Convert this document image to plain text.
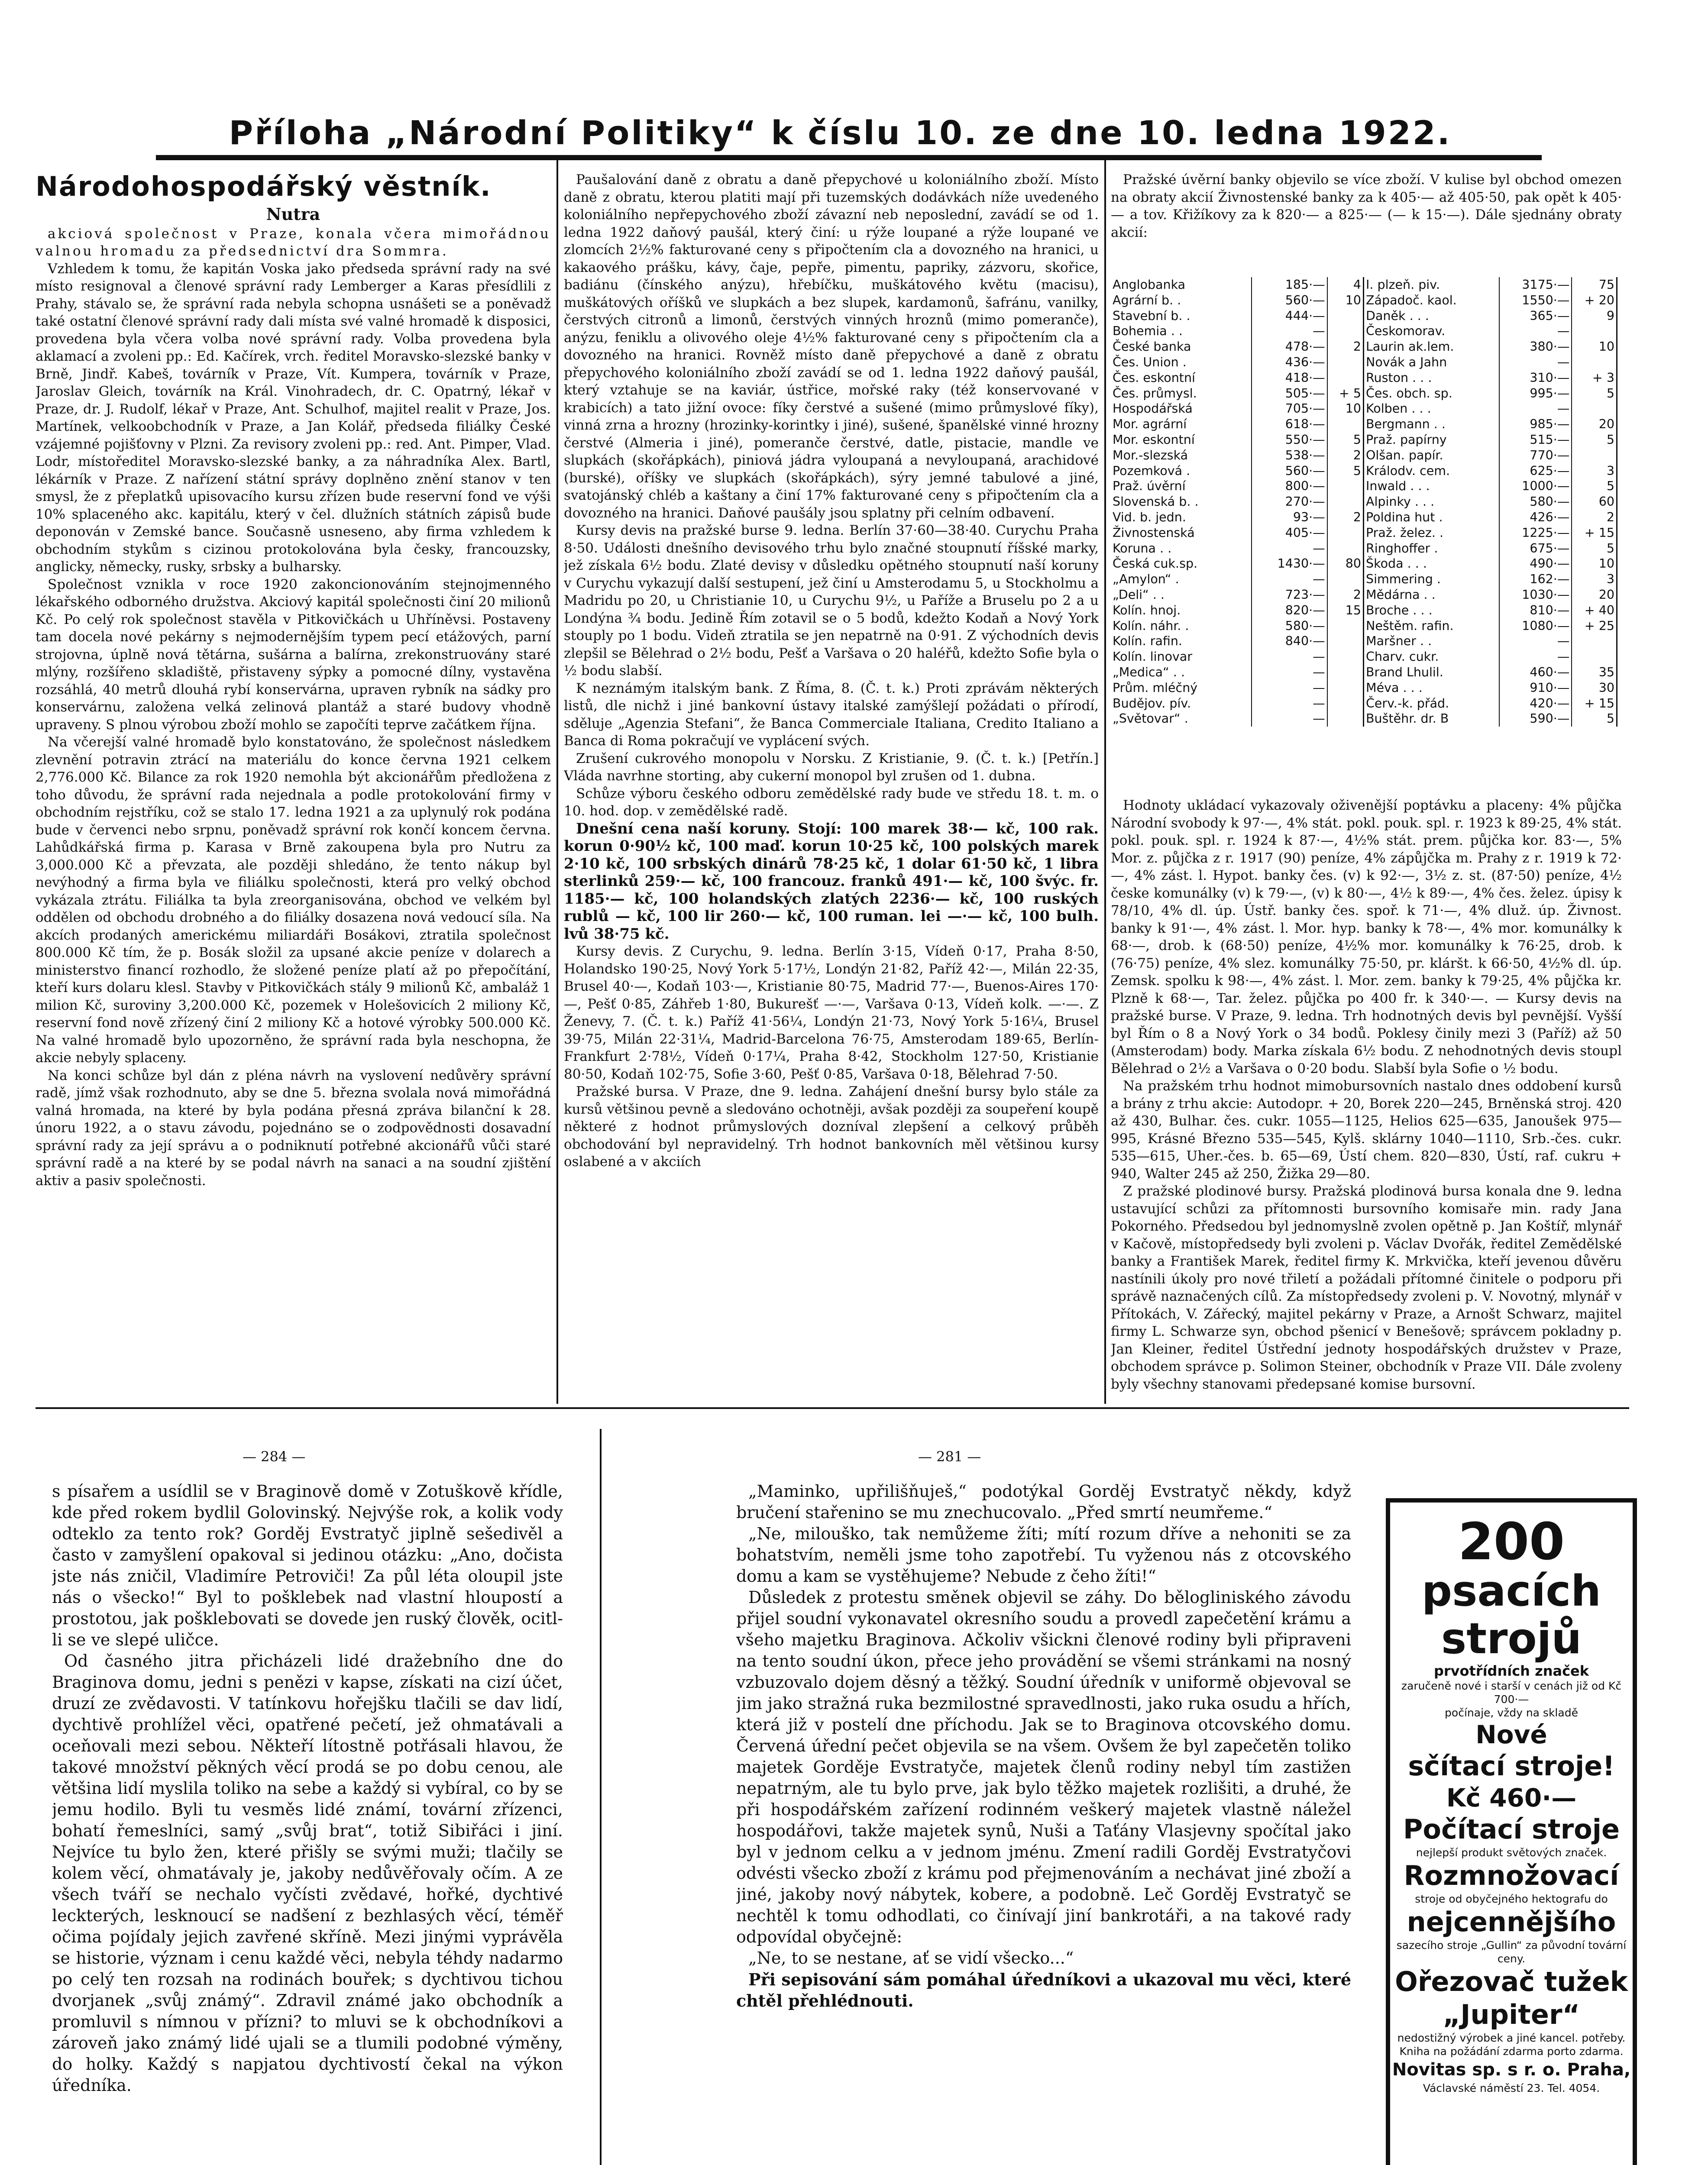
Příloha „Národní Politiky“ k číslu 10. ze dne 10. ledna 1922.
Národohospodářský věstník.
Nutra

akciová společnost v Praze, konala včera mimořádnou valnou hromadu za předsednictví dra Sommra.

Vzhledem k tomu, že kapitán Voska jako předseda správní rady na své místo resignoval a členové správní rady Lemberger a Karas přesídlili z Prahy, stávalo se, že správní rada nebyla schopna usnášeti se a poněvadž také ostatní členové správní rady dali místa své valné hromadě k disposici, provedena byla včera volba nové správní rady. Volba provedena byla aklamací a zvoleni pp.: Ed. Kačírek, vrch. ředitel Moravsko-slezské banky v Brně, Jindř. Kabeš, továrník v Praze, Vít. Kumpera, továrník v Praze, Jaroslav Gleich, továrník na Král. Vinohradech, dr. C. Opatrný, lékař v Praze, dr. J. Rudolf, lékař v Praze, Ant. Schulhof, majitel realit v Praze, Jos. Martínek, velkoobchodník v Praze, a Jan Kolář, předseda filiálky České vzájemné pojišťovny v Plzni. Za revisory zvoleni pp.: red. Ant. Pimper, Vlad. Lodr, místoředitel Moravsko-slezské banky, a za náhradníka Alex. Bartl, lékárník v Praze. Z nařízení státní správy doplněno znění stanov v ten smysl, že z přeplatků upisovacího kursu zřízen bude reservní fond ve výši 10% splaceného akc. kapitálu, který v čel. dlužních státních zápisů bude deponován v Zemské bance. Současně usneseno, aby firma vzhledem k obchodním stykům s cizinou protokolována byla česky, francouzsky, anglicky, německy, rusky, srbsky a bulharsky.

Společnost vznikla v roce 1920 zakoncionováním stejnojmenného lékařského odborného družstva. Akciový kapitál společnosti činí 20 milionů Kč. Po celý rok společnost stavěla v Pitkovičkách u Uhříněvsi. Postaveny tam docela nové pekárny s nejmodernějším typem pecí etážových, parní strojovna, úplně nová tětárna, sušárna a balírna, zrekonstruovány staré mlýny, rozšířeno skladiště, přistaveny sýpky a pomocné dílny, vystavěna rozsáhlá, 40 metrů dlouhá rybí konservárna, upraven rybník na sádky pro konservárnu, založena velká zelinová plantáž a staré budovy vhodně upraveny. S plnou výrobou zboží mohlo se započíti teprve začátkem října.

Na včerejší valné hromadě bylo konstatováno, že společnost následkem zlevnění potravin ztrácí na materiálu do konce června 1921 celkem 2,776.000 Kč. Bilance za rok 1920 nemohla být akcionářům předložena z toho důvodu, že správní rada nejednala a podle protokolování firmy v obchodním rejstříku, což se stalo 17. ledna 1921 a za uplynulý rok podána bude v červenci nebo srpnu, poněvadž správní rok končí koncem června. Lahůdkářská firma p. Karasa v Brně zakoupena byla pro Nutru za 3,000.000 Kč a převzata, ale později shledáno, že tento nákup byl nevýhodný a firma byla ve filiálku společnosti, která pro velký obchod vykázala ztrátu. Filiálka ta byla zreorganisována, obchod ve velkém byl oddělen od obchodu drobného a do filiálky dosazena nová vedoucí síla. Na akcích prodaných americkému miliardáři Bosákovi, ztratila společnost 800.000 Kč tím, že p. Bosák složil za upsané akcie peníze v dolarech a ministerstvo financí rozhodlo, že složené peníze platí až po přepočítání, kteří kurs dolaru klesl. Stavby v Pitkovičkách stály 9 milionů Kč, ambaláž 1 milion Kč, suroviny 3,200.000 Kč, pozemek v Holešovicích 2 miliony Kč, reservní fond nově zřízený činí 2 miliony Kč a hotové výrobky 500.000 Kč. Na valné hromadě bylo upozorněno, že správní rada byla neschopna, že akcie nebyly splaceny.

Na konci schůze byl dán z pléna návrh na vyslovení nedůvěry správní radě, jímž však rozhodnuto, aby se dne 5. března svolala nová mimořádná valná hromada, na které by byla podána přesná zpráva bilanční k 28. únoru 1922, a o stavu závodu, pojednáno se o zodpovědnosti dosavadní správní rady za její správu a o podniknutí potřebné akcionářů vůči staré správní radě a na které by se podal návrh na sanaci a na soudní zjištění aktiv a pasiv společnosti.

Paušalování daně z obratu a daně přepychové u koloniálního zboží. Místo daně z obratu, kterou platiti mají při tuzemských dodávkách níže uvedeného koloniálního nepřepychového zboží závazní neb neposlední, zavádí se od 1. ledna 1922 daňový paušál, který činí: u rýže loupané a rýže loupané ve zlomcích 2½% fakturované ceny s připočtením cla a dovozného na hranici, u kakaového prášku, kávy, čaje, pepře, pimentu, papriky, zázvoru, skořice, badiánu (čínského anýzu), hřebíčku, muškátového květu (macisu), muškátových oříšků ve slupkách a bez slupek, kardamonů, šafránu, vanilky, čerstvých citronů a limonů, čerstvých vinných hroznů (mimo pomeranče), anýzu, feniklu a olivového oleje 4½% fakturované ceny s připočtením cla a dovozného na hranici. Rovněž místo daně přepychové a daně z obratu přepychového koloniálního zboží zavádí se od 1. ledna 1922 daňový paušál, který vztahuje se na kaviár, ústřice, mořské raky (též konservované v krabicích) a tato jižní ovoce: fíky čerstvé a sušené (mimo průmyslové fíky), vinná zrna a hrozny (hrozinky-korintky i jiné), sušené, španělské vinné hrozny čerstvé (Almeria i jiné), pomeranče čerstvé, datle, pistacie, mandle ve slupkách (skořápkách), piniová jádra vyloupaná a nevyloupaná, arachidové (burské), oříšky ve slupkách (skořápkách), sýry jemné tabulové a jiné, svatojánský chléb a kaštany a činí 17% fakturované ceny s připočtením cla a dovozného na hranici. Daňové paušály jsou splatny při celním odbavení.

Kursy devis na pražské burse 9. ledna. Berlín 37·60—38·40. Curychu Praha 8·50. Události dnešního devisového trhu bylo značné stoupnutí říšské marky, jež získala 6½ bodu. Zlaté devisy v důsledku opětného stoupnutí naší koruny v Curychu vykazují další sestupení, jež činí u Amsterodamu 5, u Stockholmu a Madridu po 20, u Christianie 10, u Curychu 9½, u Paříže a Bruselu po 2 a u Londýna ¾ bodu. Jedině Řím zotavil se o 5 bodů, kdežto Kodaň a Nový York stouply po 1 bodu. Videň ztratila se jen nepatrně na 0·91. Z východních devis zlepšil se Bělehrad o 2½ bodu, Pešť a Varšava o 20 haléřů, kdežto Sofie byla o ½ bodu slabší.

K neznámým italským bank. Z Říma, 8. (Č. t. k.) Proti zprávám některých listů, dle nichž i jiné bankovní ústavy italské zamýšlejí požádati o přírodí, sděluje „Agenzia Stefani“, že Banca Commerciale Italiana, Credito Italiano a Banca di Roma pokračují ve vyplácení svých.

Zrušení cukrového monopolu v Norsku. Z Kristianie, 9. (Č. t. k.) [Petřín.] Vláda navrhne storting, aby cukerní monopol byl zrušen od 1. dubna.

Schůze výboru českého odboru zemědělské rady bude ve středu 18. t. m. o 10. hod. dop. v zemědělské radě.

Dnešní cena naší koruny. Stojí: 100 marek 38·— kč, 100 rak. korun 0·90½ kč, 100 maď. korun 10·25 kč, 100 polských marek 2·10 kč, 100 srbských dinárů 78·25 kč, 1 dolar 61·50 kč, 1 libra sterlinků 259·— kč, 100 francouz. franků 491·— kč, 100 švýc. fr. 1185·— kč, 100 holandských zlatých 2236·— kč, 100 ruských rublů — kč, 100 lir 260·— kč, 100 ruman. lei —·— kč, 100 bulh. lvů 38·75 kč.

Kursy devis. Z Curychu, 9. ledna. Berlín 3·15, Vídeň 0·17, Praha 8·50, Holandsko 190·25, Nový York 5·17½, Londýn 21·82, Paříž 42·—, Milán 22·35, Brusel 40·—, Kodaň 103·—, Kristianie 80·75, Madrid 77·—, Buenos-Aires 170·—, Pešť 0·85, Záhřeb 1·80, Bukurešť —·—, Varšava 0·13, Vídeň kolk. —·—. Z Ženevy, 7. (Č. t. k.) Paříž 41·56¼, Londýn 21·73, Nový York 5·16¼, Brusel 39·75, Milán 22·31¼, Madrid-Barcelona 76·75, Amsterodam 189·65, Berlín-Frankfurt 2·78½, Vídeň 0·17¼, Praha 8·42, Stockholm 127·50, Kristianie 80·50, Kodaň 102·75, Sofie 3·60, Pešť 0·85, Varšava 0·18, Bělehrad 7·50.

Pražské bursa. V Praze, dne 9. ledna. Zahájení dnešní bursy bylo stále za kursů většinou pevně a sledováno ochotněji, avšak později za soupeření koupě některé z hodnot průmyslových dozníval zlepšení a celkový průběh obchodování byl nepravidelný. Trh hodnot bankovních měl většinou kursy oslabené a v akciích

Pražské úvěrní banky objevilo se více zboží. V kulise byl obchod omezen na obraty akcií Živnostenské banky za k 405·— až 405·50, pak opět k 405·— a tov. Křižíkovy za k 820·— a 825·— (— k 15·—). Dále sjednány obraty akcií:

Anglobanka	185·—	4
Agrární b. .	560·—	10
Stavební b. .	444·—	
Bohemia . .	—	
České banka	478·—	2
Čes. Union .	436·—	
Čes. eskontní	418·—	
Čes. průmysl.	505·—	+ 5
Hospodářská	705·—	10
Mor. agrární	618·—	
Mor. eskontní	550·—	5
Mor.-slezská	538·—	2
Pozemková .	560·—	5
Praž. úvěrní	800·—	
Slovenská b. .	270·—	
Vid. b. jedn.	93·—	2
Živnostenská	405·—	
Koruna . .	—	
Česká cuk.sp.	1430·—	80
„Amylon“ .	—	
„Deli“ . .	723·—	2
Kolín. hnoj.	820·—	15
Kolín. náhr. .	580·—	
Kolín. rafin.	840·—	
Kolín. linovar	—	
„Medica“ . .	—	
Prům. mléčný	—	
Budějov. pív.	—	
„Světovar“ .	—	

I. plzeň. piv.	3175·—	75
Západoč. kaol.	1550·—	+ 20
Daněk . . .	365·—	9
Českomorav.	—	
Laurin ak.lem.	380·—	10
Novák a Jahn	—	
Ruston . . .	310·—	+ 3
Čes. obch. sp.	995·—	5
Kolben . . .	—	
Bergmann . .	985·—	20
Praž. papírny	515·—	5
Olšan. papír.	770·—	
Králodv. cem.	625·—	3
Inwald . . .	1000·—	5
Alpinky . . .	580·—	60
Poldina hut .	426·—	2
Praž. želez. .	1225·—	+ 15
Ringhoffer .	675·—	5
Škoda . . .	490·—	10
Simmering .	162·—	3
Mědárna . .	1030·—	20
Broche . . .	810·—	+ 40
Neštěm. rafin.	1080·—	+ 25
Maršner . .	—	
Charv. cukr.	—	
Brand Lhulil.	460·—	35
Méva . . .	910·—	30
Červ.-k. přád.	420·—	+ 15
Buštěhr. dr. B	590·—	5

Hodnoty ukládací vykazovaly oživenější poptávku a placeny: 4% půjčka Národní svobody k 97·—, 4% stát. pokl. pouk. spl. r. 1923 k 89·25, 4% stát. pokl. pouk. spl. r. 1924 k 87·—, 4½% stát. prem. půjčka kor. 83·—, 5% Mor. z. půjčka z r. 1917 (90) peníze, 4% zápůjčka m. Prahy z r. 1919 k 72·—, 4% zást. l. Hypot. banky čes. (v) k 92·—, 3½ z. st. (87·50) peníze, 4½ česke komunálky (v) k 79·—, (v) k 80·—, 4½ k 89·—, 4% čes. želez. úpisy k 78/10, 4% dl. úp. Ústř. banky čes. spoř. k 71·—, 4% dluž. úp. Živnost. banky k 91·—, 4% zást. l. Mor. hyp. banky k 78·—, 4% mor. komunálky k 68·—, drob. k (68·50) peníze, 4½% mor. komunálky k 76·25, drob. k (76·75) peníze, 4% slez. komunálky 75·50, pr. kláršt. k 66·50, 4½% dl. úp. Zemsk. spolku k 98·—, 4% zást. l. Mor. zem. banky k 79·25, 4% půjčka kr. Plzně k 68·—, Tar. želez. půjčka po 400 fr. k 340·—. — Kursy devis na pražské burse. V Praze, 9. ledna. Trh hodnotných devis byl pevnější. Vyšší byl Řím o 8 a Nový York o 34 bodů. Poklesy činily mezi 3 (Paříž) až 50 (Amsterodam) body. Marka získala 6½ bodu. Z nehodnotných devis stoupl Bělehrad o 2½ a Varšava o 0·20 bodu. Slabší byla Sofie o ½ bodu.

Na pražském trhu hodnot mimobursovních nastalo dnes oddobení kursů a brány z trhu akcie: Autodopr. + 20, Borek 220—245, Brněnská stroj. 420 až 430, Bulhar. čes. cukr. 1055—1125, Helios 625—635, Janoušek 975—995, Krásné Březno 535—545, Kylš. sklárny 1040—1110, Srb.-čes. cukr. 535—615, Uher.-čes. b. 65—69, Ústí chem. 820—830, Ústí, raf. cukru + 940, Walter 245 až 250, Žižka 29—80.

Z pražské plodinové bursy. Pražská plodinová bursa konala dne 9. ledna ustavující schůzi za přítomnosti bursovního komisaře min. rady Jana Pokorného. Předsedou byl jednomyslně zvolen opětně p. Jan Koštíř, mlynář v Kačově, místopředsedy byli zvoleni p. Václav Dvořák, ředitel Zemědělské banky a František Marek, ředitel firmy K. Mrkvička, kteří jevenou důvěru nastínili úkoly pro nové třiletí a požádali přítomné činitele o podporu při správě naznačených cílů. Za místopředsedy zvoleni p. V. Novotný, mlynář v Přítokách, V. Zářecký, majitel pekárny v Praze, a Arnošt Schwarz, majitel firmy L. Schwarze syn, obchod pšenicí v Benešově; správcem pokladny p. Jan Kleiner, ředitel Ústřední jednoty hospodářských družstev v Praze, obchodem správce p. Solimon Steiner, obchodník v Praze VII. Dále zvoleny byly všechny stanovami předepsané komise bursovní.

— 284 —	— 281 —

s písařem a usídlil se v Braginově domě v Zotuškově křídle, kde před rokem bydlil Golovinský. Nejvýše rok, a kolik vody odteklo za tento rok? Gorděj Evstratyč jiplně sešedivěl a často v zamyšlení opakoval si jedinou otázku: „Ano, dočista jste nás zničil, Vladimíre Petroviči! Za půl léta oloupil jste nás o všecko!“ Byl to pošklebek nad vlastní hloupostí a prostotou, jak pošklebovati se dovede jen ruský člověk, ocitl-li se ve slepé uličce.

Od časného jitra přicházeli lidé dražebního dne do Braginova domu, jedni s penězi v kapse, získati na cizí účet, druzí ze zvědavosti. V tatínkovu hořejšku tlačili se dav lidí, dychtivě prohlížel věci, opatřené pečetí, jež ohmatávali a oceňovali mezi sebou. Někteří lítostně potřásali hlavou, že takové množství pěkných věcí prodá se po dobu cenou, ale většina lidí myslila toliko na sebe a každý si vybíral, co by se jemu hodilo. Byli tu vesměs lidé známí, tovární zřízenci, bohatí řemeslníci, samý „svůj brat“, totiž Sibiřáci i jiní. Nejvíce tu bylo žen, které přišly se svými muži; tlačily se kolem věcí, ohmatávaly je, jakoby nedůvěřovaly očím. A ze všech tváří se nechalo vyčísti zvědavé, hořké, dychtivé leckterých, lesknoucí se nadšení z bezhlasých věcí, téměř očima pojídaly jejich zavřené skříně. Mezi jinými vyprávěla se historie, význam i cenu každé věci, nebyla téhdy nadarmo po celý ten rozsah na rodinách bouřek; s dychtivou tichou dvorjanek „svůj známý“. Zdravil známé jako obchodník a promluvil s nímnou v přízni? to mluvi se k obchodníkovi a zároveň jako známý lidé ujali se a tlumili podobné výměny, do holky. Každý s napjatou dychtivostí čekal na výkon úředníka.

„Maminko, upřilišňuješ,“ podotýkal Gorděj Evstratyč někdy, když bručení stařenino se mu znechucovalo. „Před smrtí neumřeme.“

„Ne, milouško, tak nemůžeme žíti; mítí rozum dříve a nehoniti se za bohatstvím, neměli jsme toho zapotřebí. Tu vyženou nás z otcovského domu a kam se vystěhujeme? Nebude z čeho žíti!“

Důsledek z protestu směnek objevil se záhy. Do bělogliniského závodu přijel soudní vykonavatel okresního soudu a provedl zapečetění krámu a všeho majetku Braginova. Ačkoliv všickni členové rodiny byli připraveni na tento soudní úkon, přece jeho provádění se všemi stránkami na nosný vzbuzovalo dojem děsný a těžký. Soudní úředník v uniformě objevoval se jim jako stražná ruka bezmilostné spravedlnosti, jako ruka osudu a hřích, která již v postelí dne příchodu. Jak se to Braginova otcovského domu. Červená úřední pečet objevila se na všem. Ovšem že byl zapečetěn toliko majetek Gorděje Evstratyče, majetek členů rodiny nebyl tím zastižen nepatrným, ale tu bylo prve, jak bylo těžko majetek rozlišiti, a druhé, že při hospodářském zařízení rodinném veškerý majetek vlastně náležel hospodářovi, takže majetek synů, Nuši a Taťány Vlasjevny spočítal jako byl v jednom celku a v jednom jménu. Zmení radili Gorděj Evstratyčovi odvésti všecko zboží z krámu pod přejmenováním a nechávat jiné zboží a jiné, jakoby nový nábytek, kobere, a podobně. Leč Gorděj Evstratyč se nechtěl k tomu odhodlati, co činívají jiní bankrotáři, a na takové rady odpovídal obyčejně:

„Ne, to se nestane, ať se vidí všecko...“

Při sepisování sám pomáhal úředníkovi a ukazoval mu věci, které chtěl přehlédnouti.

200
psacích
strojů
prvotřídních značek
zaručeně nové i starší v cenách již od Kč 700·—
počínaje, vždy na skladě
Nové
sčítací stroje!
Kč 460·—
Počítací stroje
nejlepší produkt světových značek.
Rozmnožovací
stroje od obyčejného hektografu do
nejcennějšího
sazecího stroje „Gullin“ za původní tovární ceny.
Ořezovač tužek
„Jupiter“
nedostižný výrobek a jiné kancel. potřeby.
Kniha na požádání zdarma porto zdarma.
Novitas sp. s r. o. Praha,
Václavské náměstí 23. Tel. 4054.
